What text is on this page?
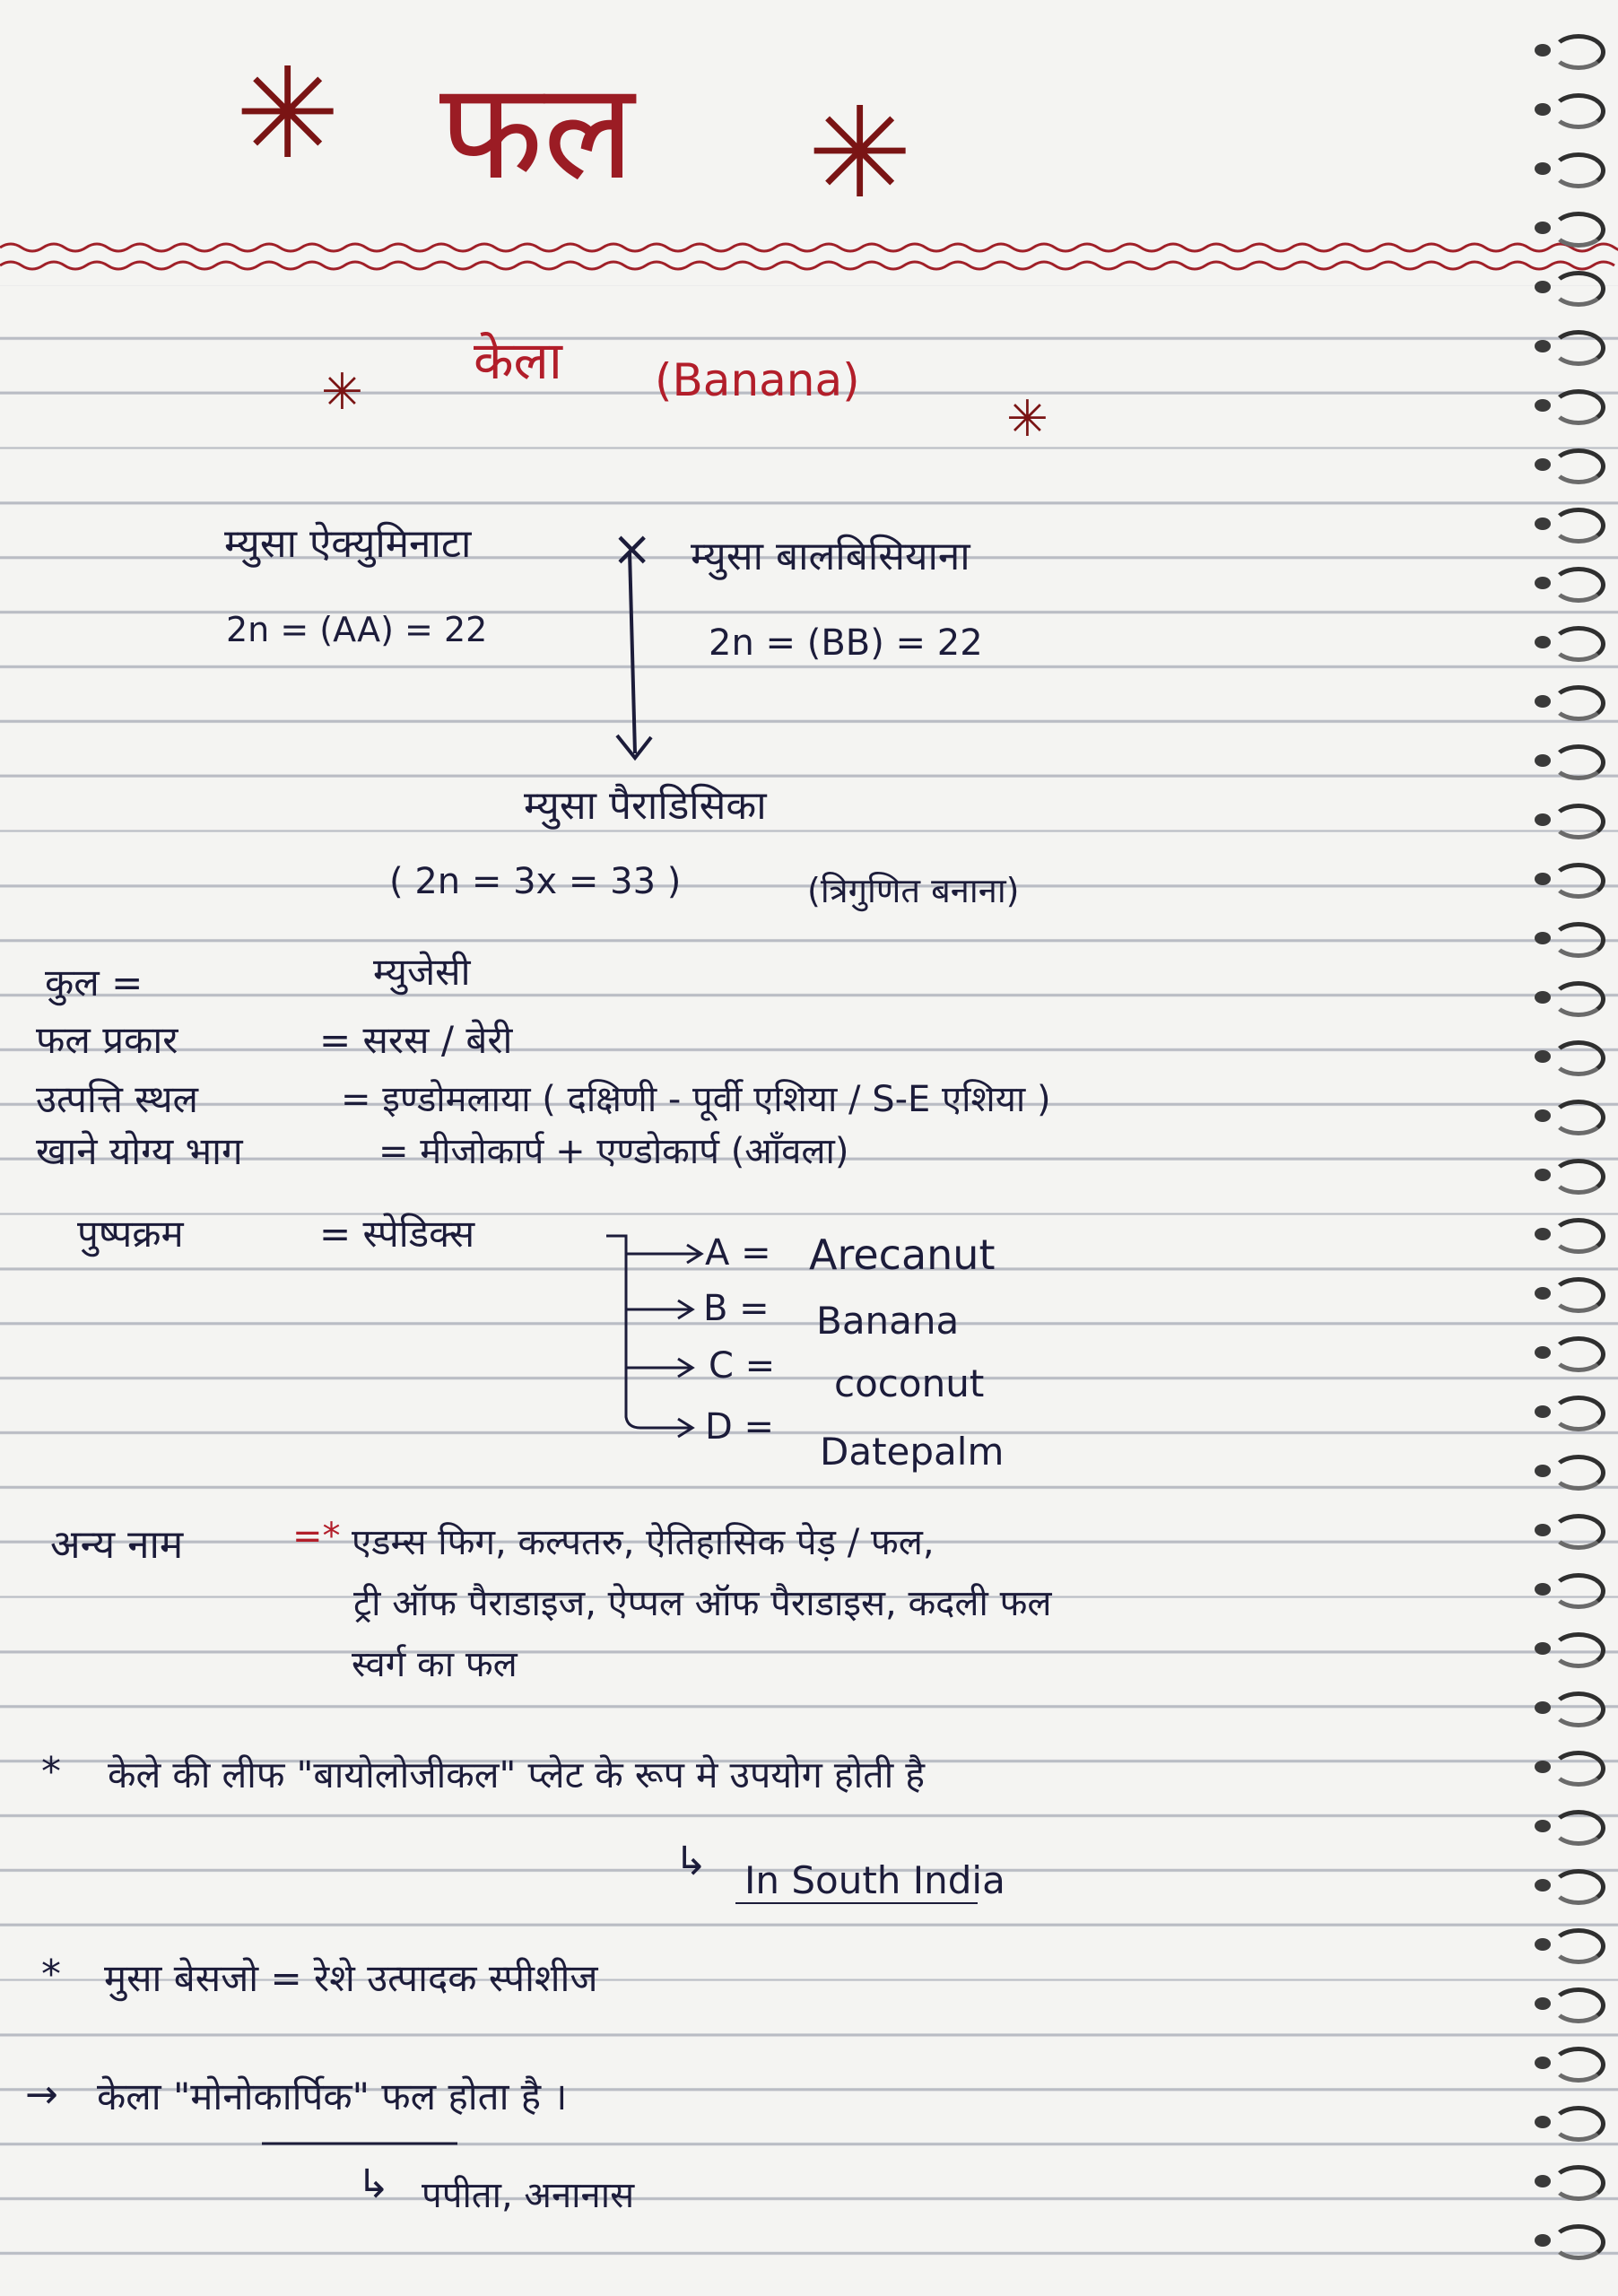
✳ फल ✳
✳
केला (Banana)
✳
म्युसा ऐक्युमिनाटा
2n = (AA) = 22
× म्युसा बालबिसियाना
2n = (BB) = 22
म्युसा पैराडिसिका
( 2n = 3x = 33 )	(त्रिगुणित बनाना)
कुल =	म्युजेसी
फल प्रकार	= सरस / बेरी
उत्पत्ति स्थल	= इण्डोमलाया ( दक्षिणी - पूर्वी एशिया / S-E एशिया )
खाने योग्य भाग	= मीजोकार्प + एण्डोकार्प (आँवला)
पुष्पक्रम	= स्पेडिक्स	A = Arecanut
B = Banana
C = coconut
D =
Datepalm
अन्य नाम	=* एडम्स फिग, कल्पतरु, ऐतिहासिक पेड़ / फल,
ट्री ऑफ पैराडाइज, ऐप्पल ऑफ पैराडाइस, कदली फल
स्वर्ग का फल
* केले की लीफ "बायोलोजीकल" प्लेट के रूप मे उपयोग होती है
↳ In South India
* मुसा बेसजो = रेशे उत्पादक स्पीशीज
→ केला "मोनोकार्पिक" फल होता है ।
↳ पपीता, अनानास
